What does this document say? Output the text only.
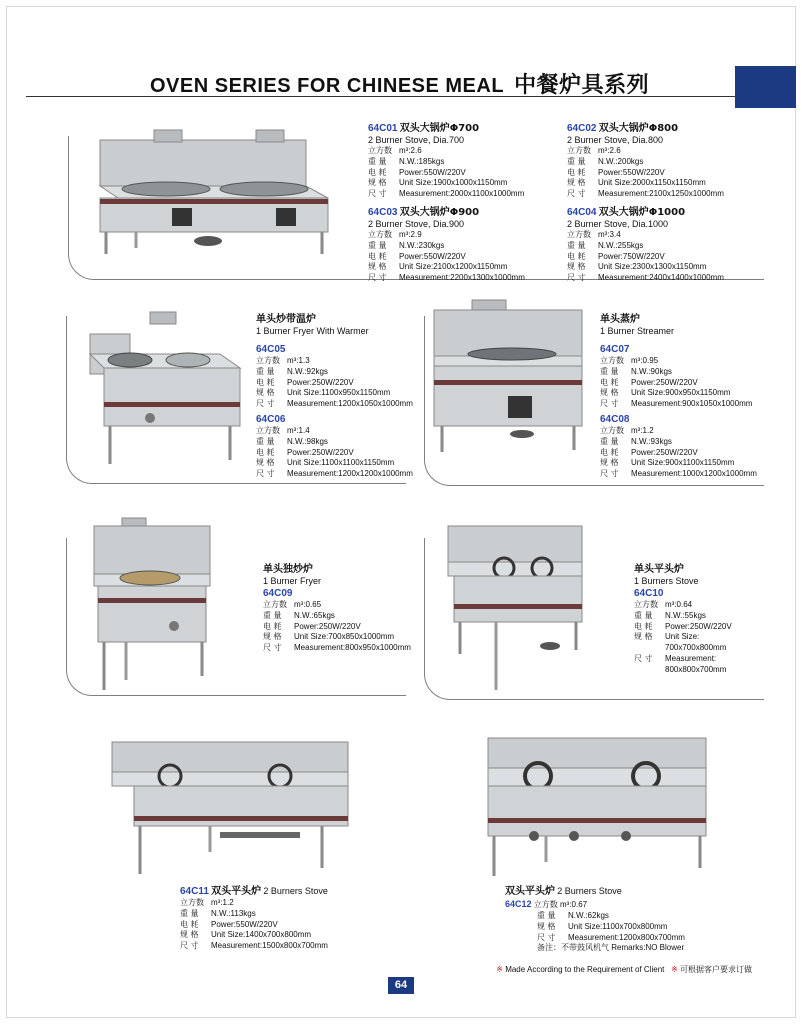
OVEN SERIES FOR CHINESE MEAL 中餐炉具系列
64C01 双头大锅炉Φ700
2 Burner Stove, Dia.700
立方数 m³:2.6
重 量 N.W.:185kgs
电 耗 Power:550W/220V
规 格 Unit Size:1900x1000x1150mm
尺 寸 Measurement:2000x1100x1000mm
64C02 双头大锅炉Φ800
2 Burner Stove, Dia.800
立方数 m³:2.6
重 量 N.W.:200kgs
电 耗 Power:550W/220V
规 格 Unit Size:2000x1150x1150mm
尺 寸 Measurement:2100x1250x1000mm
64C03 双头大锅炉Φ900
2 Burner Stove, Dia.900
立方数 m³:2.9
重 量 N.W.:230kgs
电 耗 Power:550W/220V
规 格 Unit Size:2100x1200x1150mm
尺 寸 Measurement:2200x1300x1000mm
64C04 双头大锅炉Φ1000
2 Burner Stove, Dia.1000
立方数 m³:3.4
重 量 N.W.:255kgs
电 耗 Power:750W/220V
规 格 Unit Size:2300x1300x1150mm
尺 寸 Measurement:2400x1400x1000mm
单头炒带温炉
1 Burner Fryer With Warmer
64C05
立方数 m³:1.3
重 量 N.W.:92kgs
电 耗 Power:250W/220V
规 格 Unit Size:1100x950x1150mm
尺 寸 Measurement:1200x1050x1000mm
64C06
立方数 m³:1.4
重 量 N.W.:98kgs
电 耗 Power:250W/220V
规 格 Unit Size:1100x1100x1150mm
尺 寸 Measurement:1200x1200x1000mm
单头蒸炉
1 Burner Streamer
64C07
立方数 m³:0.95
重 量 N.W.:90kgs
电 耗 Power:250W/220V
规 格 Unit Size:900x950x1150mm
尺 寸 Measurement:900x1050x1000mm
64C08
立方数 m³:1.2
重 量 N.W.:93kgs
电 耗 Power:250W/220V
规 格 Unit Size:900x1100x1150mm
尺 寸 Measurement:1000x1200x1000mm
单头独炒炉
1 Burner Fryer
64C09
立方数 m³:0.65
重 量 N.W.:65kgs
电 耗 Power:250W/220V
规 格 Unit Size:700x850x1000mm
尺 寸 Measurement:800x950x1000mm
单头平头炉
1 Burners Stove
64C10
立方数 m³:0.64
重 量 N.W.:55kgs
电 耗 Power:250W/220V
规 格 Unit Size:
700x700x800mm
尺 寸 Measurement:
800x800x700mm
64C11 双头平头炉 2 Burners Stove
立方数 m³:1.2
重 量 N.W.:113kgs
电 耗 Power:550W/220V
规 格 Unit Size:1400x700x800mm
尺 寸 Measurement:1500x800x700mm
双头平头炉 2 Burners Stove
64C12 立方数 m³:0.67
重 量 N.W.:62kgs
规 格 Unit Size:1100x700x800mm
尺 寸 Measurement:1200x800x700mm
备注：不带鼓风机气 Remarks:NO Blower
※ Made According to the Requirement of Client ※ 可根据客户要求订做
64
